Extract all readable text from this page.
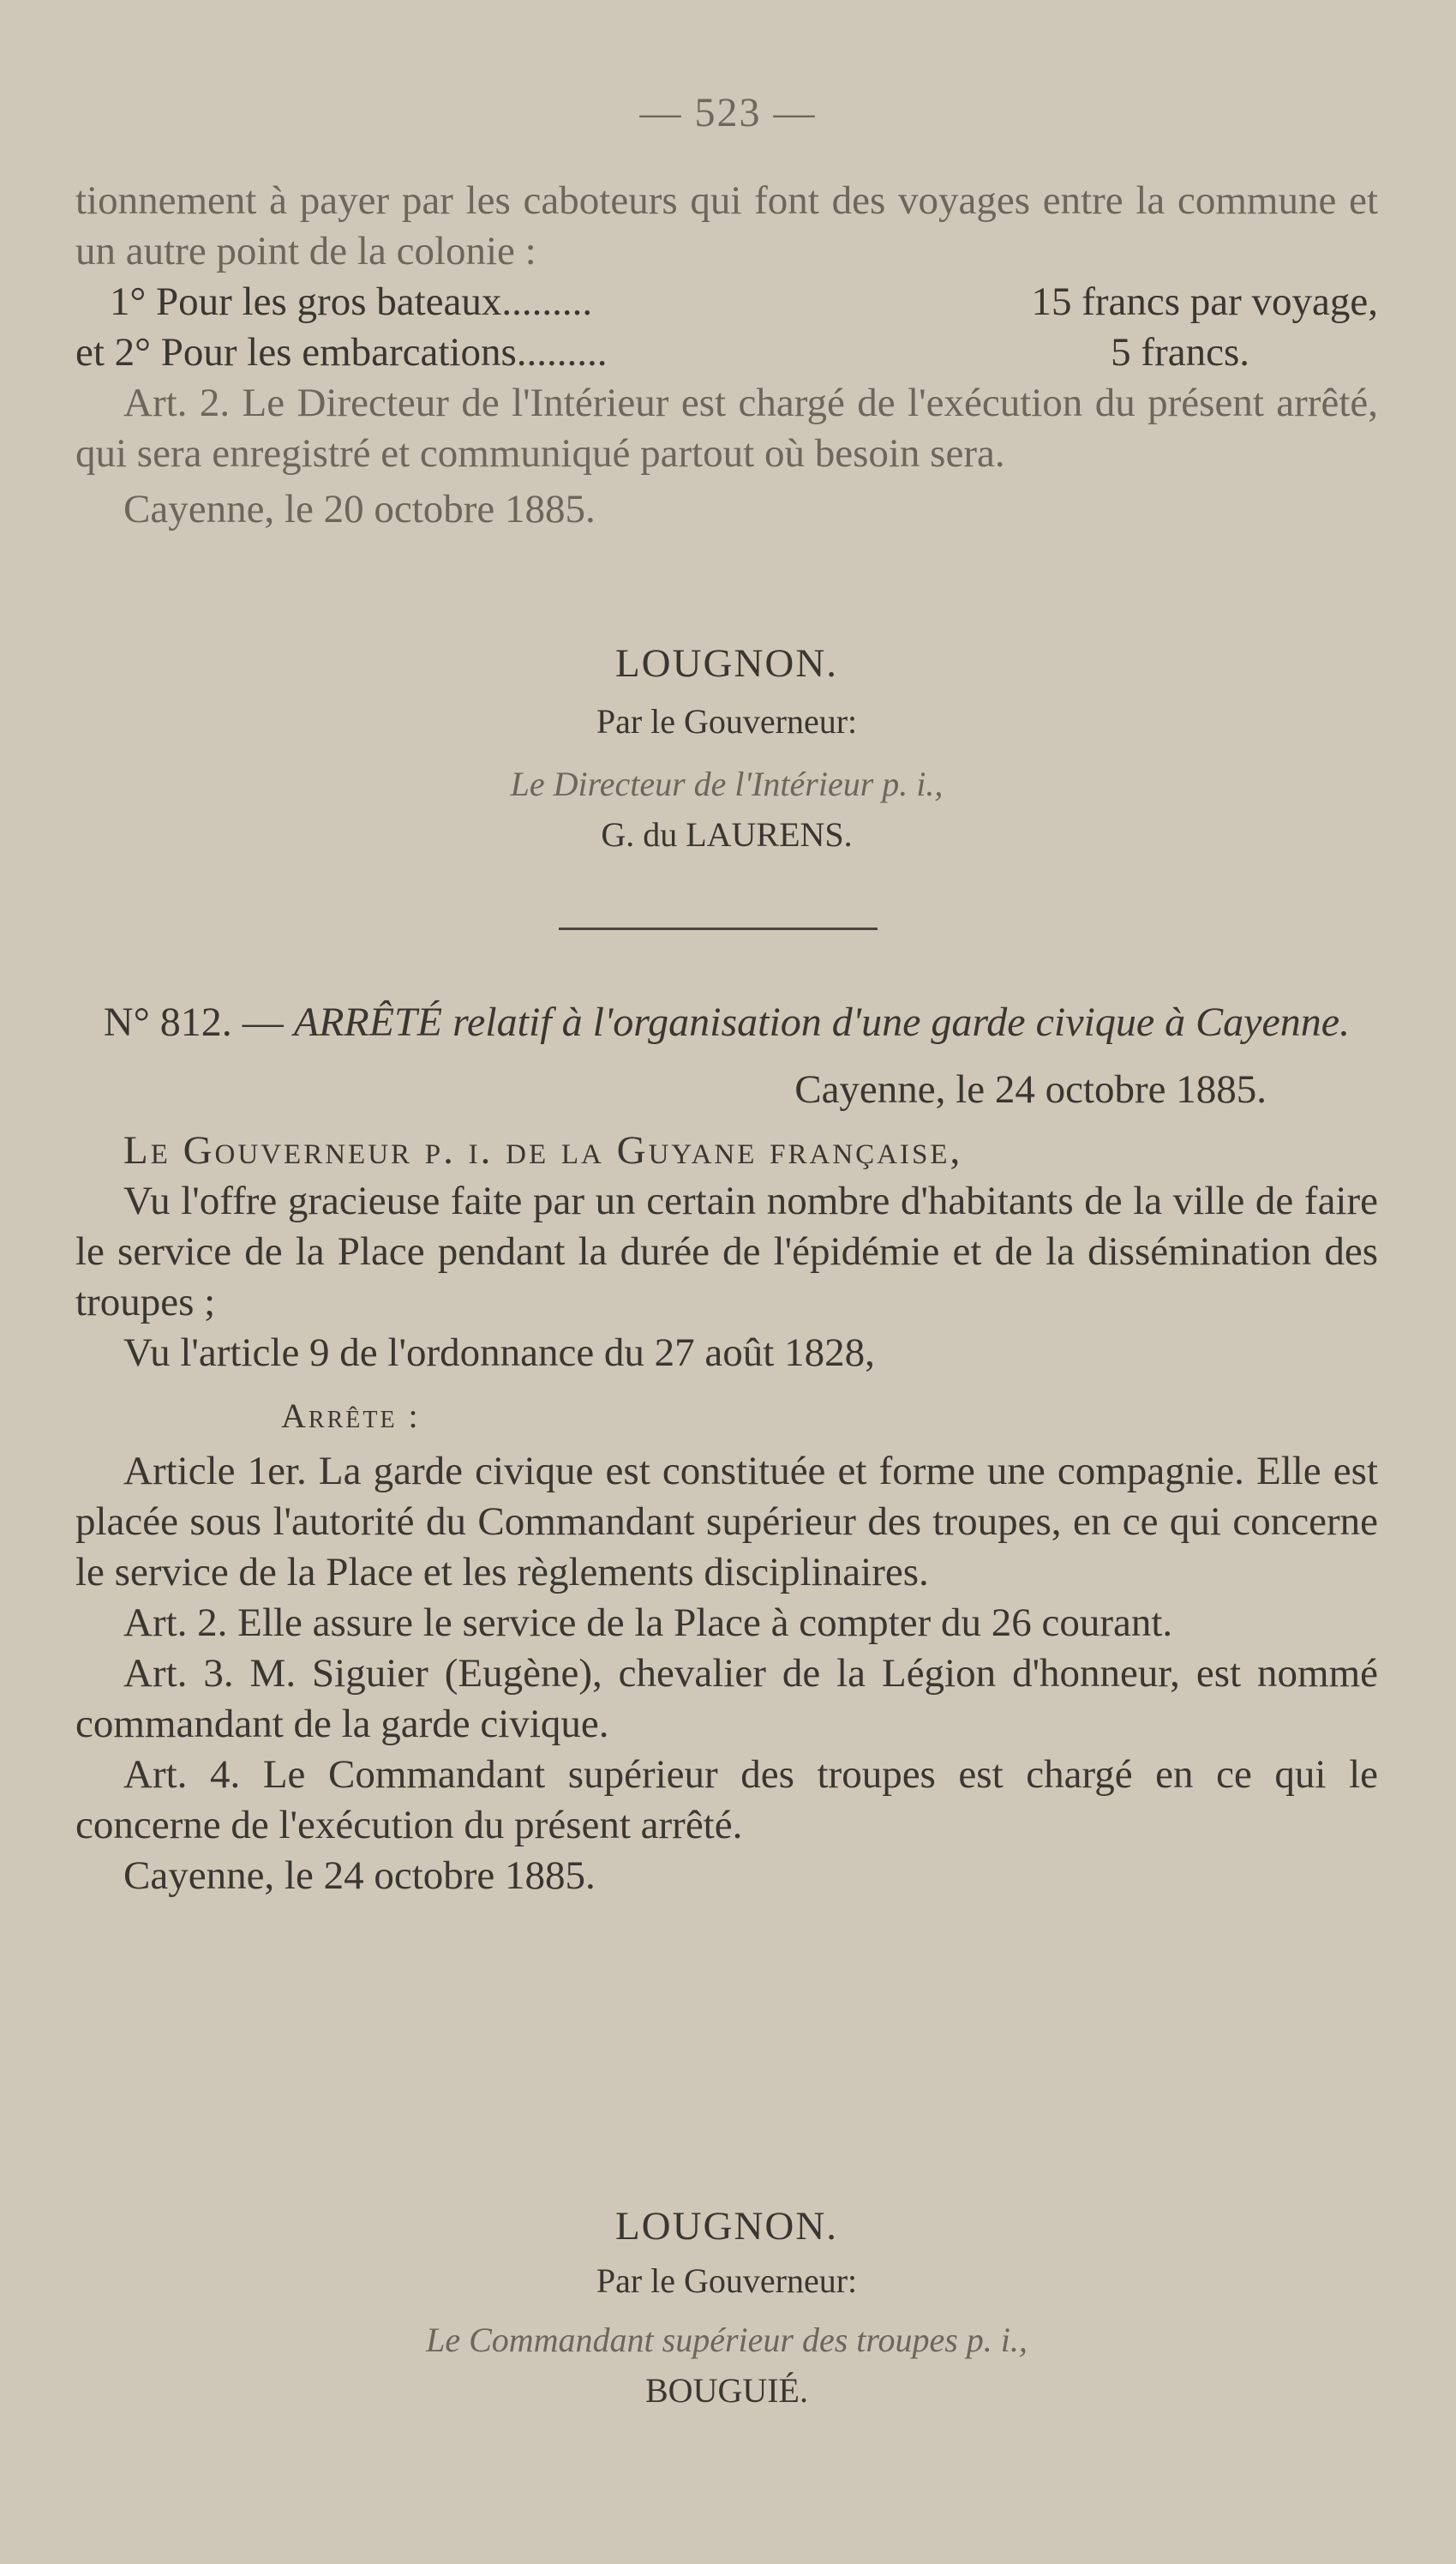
— 523 —

tionnement à payer par les caboteurs qui font des voyages entre la commune et un autre point de la colonie :

1° Pour les gros bateaux.........	15 francs par voyage,
et 2° Pour les embarcations.........	5 francs.

Art. 2. Le Directeur de l'Intérieur est chargé de l'exécution du présent arrêté, qui sera enregistré et communiqué partout où besoin sera.

Cayenne, le 20 octobre 1885.

LOUGNON.
Par le Gouverneur:
Le Directeur de l'Intérieur p. i.,
G. du LAURENS.

N° 812. — ARRÊTÉ relatif à l'organisation d'une garde civique à Cayenne.

Cayenne, le 24 octobre 1885.

Le Gouverneur p. i. de la Guyane française,

Vu l'offre gracieuse faite par un certain nombre d'habitants de la ville de faire le service de la Place pendant la durée de l'épidémie et de la dissémination des troupes ;

Vu l'article 9 de l'ordonnance du 27 août 1828,

Arrête :

Article 1er. La garde civique est constituée et forme une compagnie. Elle est placée sous l'autorité du Commandant supérieur des troupes, en ce qui concerne le service de la Place et les règlements disciplinaires.

Art. 2. Elle assure le service de la Place à compter du 26 courant.

Art. 3. M. Siguier (Eugène), chevalier de la Légion d'honneur, est nommé commandant de la garde civique.

Art. 4. Le Commandant supérieur des troupes est chargé en ce qui le concerne de l'exécution du présent arrêté.

Cayenne, le 24 octobre 1885.

LOUGNON.
Par le Gouverneur:
Le Commandant supérieur des troupes p. i.,
BOUGUIÉ.
